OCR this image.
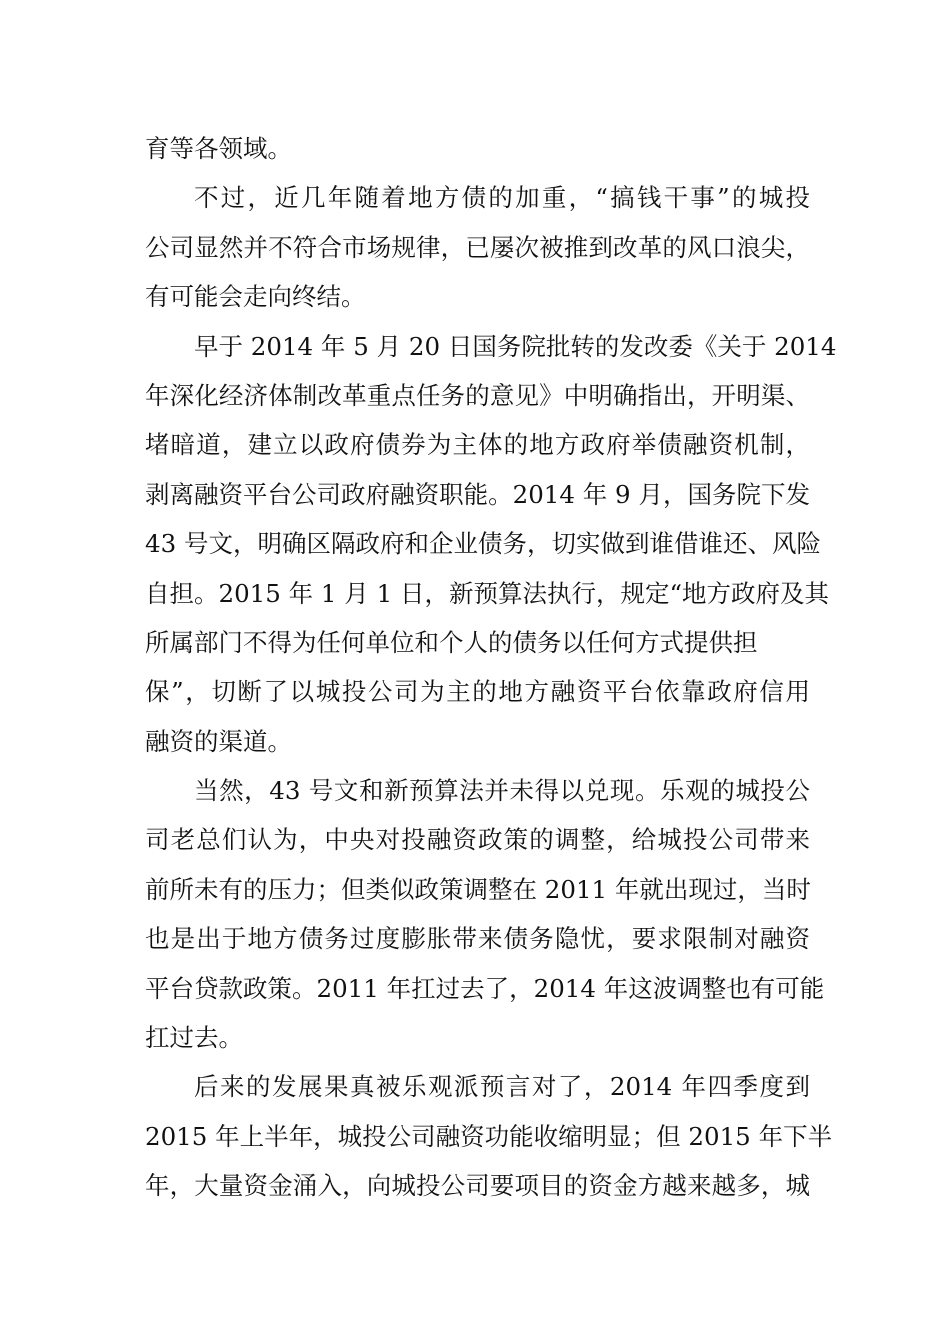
育等各领域。
不过，近几年随着地方债的加重，“搞钱干事”的城投
公司显然并不符合市场规律，已屡次被推到改革的风口浪尖，
有可能会走向终结。
早于 2014 年 5 月 20 日国务院批转的发改委《关于 2014
年深化经济体制改革重点任务的意见》中明确指出，开明渠、
堵暗道，建立以政府债券为主体的地方政府举债融资机制，
剥离融资平台公司政府融资职能。2014 年 9 月，国务院下发
43 号文，明确区隔政府和企业债务，切实做到谁借谁还、风险
自担。2015 年 1 月 1 日，新预算法执行，规定“地方政府及其
所属部门不得为任何单位和个人的债务以任何方式提供担
保”，切断了以城投公司为主的地方融资平台依靠政府信用
融资的渠道。
当然，43 号文和新预算法并未得以兑现。乐观的城投公
司老总们认为，中央对投融资政策的调整，给城投公司带来
前所未有的压力；但类似政策调整在 2011 年就出现过，当时
也是出于地方债务过度膨胀带来债务隐忧，要求限制对融资
平台贷款政策。2011 年扛过去了，2014 年这波调整也有可能
扛过去。
后来的发展果真被乐观派预言对了，2014 年四季度到
2015 年上半年，城投公司融资功能收缩明显；但 2015 年下半
年，大量资金涌入，向城投公司要项目的资金方越来越多，城
